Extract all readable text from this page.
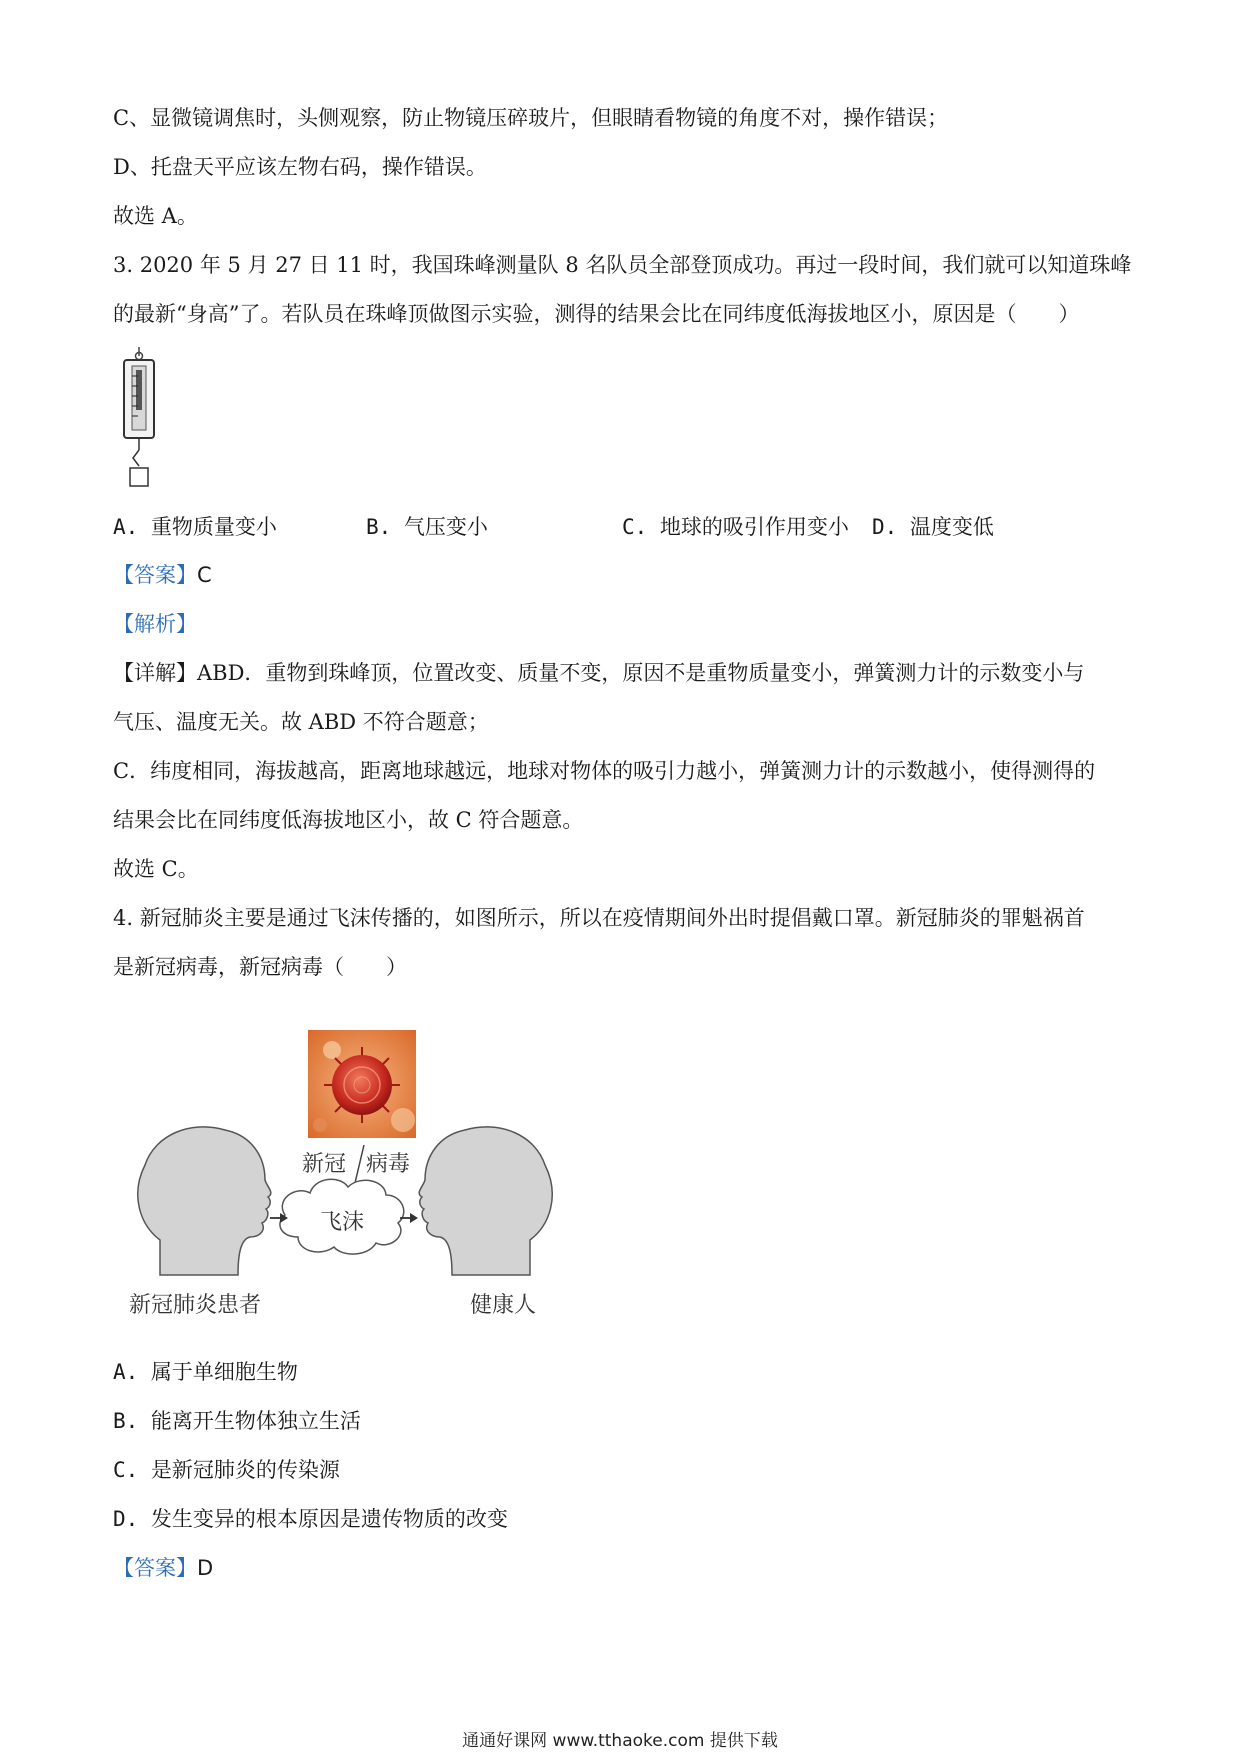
C、显微镜调焦时，头侧观察，防止物镜压碎玻片，但眼睛看物镜的角度不对，操作错误；
D、托盘天平应该左物右码，操作错误。
故选 A。
3. 2020 年 5 月 27 日 11 时，我国珠峰测量队 8 名队员全部登顶成功。再过一段时间，我们就可以知道珠峰
的最新“身高”了。若队员在珠峰顶做图示实验，测得的结果会比在同纬度低海拔地区小，原因是（　　）
A. 重物质量变小	B. 气压变小	C. 地球的吸引作用变小 D. 温度变低
【答案】C
【解析】
【详解】ABD．重物到珠峰顶，位置改变、质量不变，原因不是重物质量变小，弹簧测力计的示数变小与
气压、温度无关。故 ABD 不符合题意；
C．纬度相同，海拔越高，距离地球越远，地球对物体的吸引力越小，弹簧测力计的示数越小，使得测得的
结果会比在同纬度低海拔地区小，故 C 符合题意。
故选 C。
4. 新冠肺炎主要是通过飞沫传播的，如图所示，所以在疫情期间外出时提倡戴口罩。新冠肺炎的罪魁祸首
是新冠病毒，新冠病毒（　　）
新冠 病毒
飞沫
新冠肺炎患者	健康人
A. 属于单细胞生物
B. 能离开生物体独立生活
C. 是新冠肺炎的传染源
D. 发生变异的根本原因是遗传物质的改变
【答案】D
通通好课网 www.tthaoke.com 提供下载
